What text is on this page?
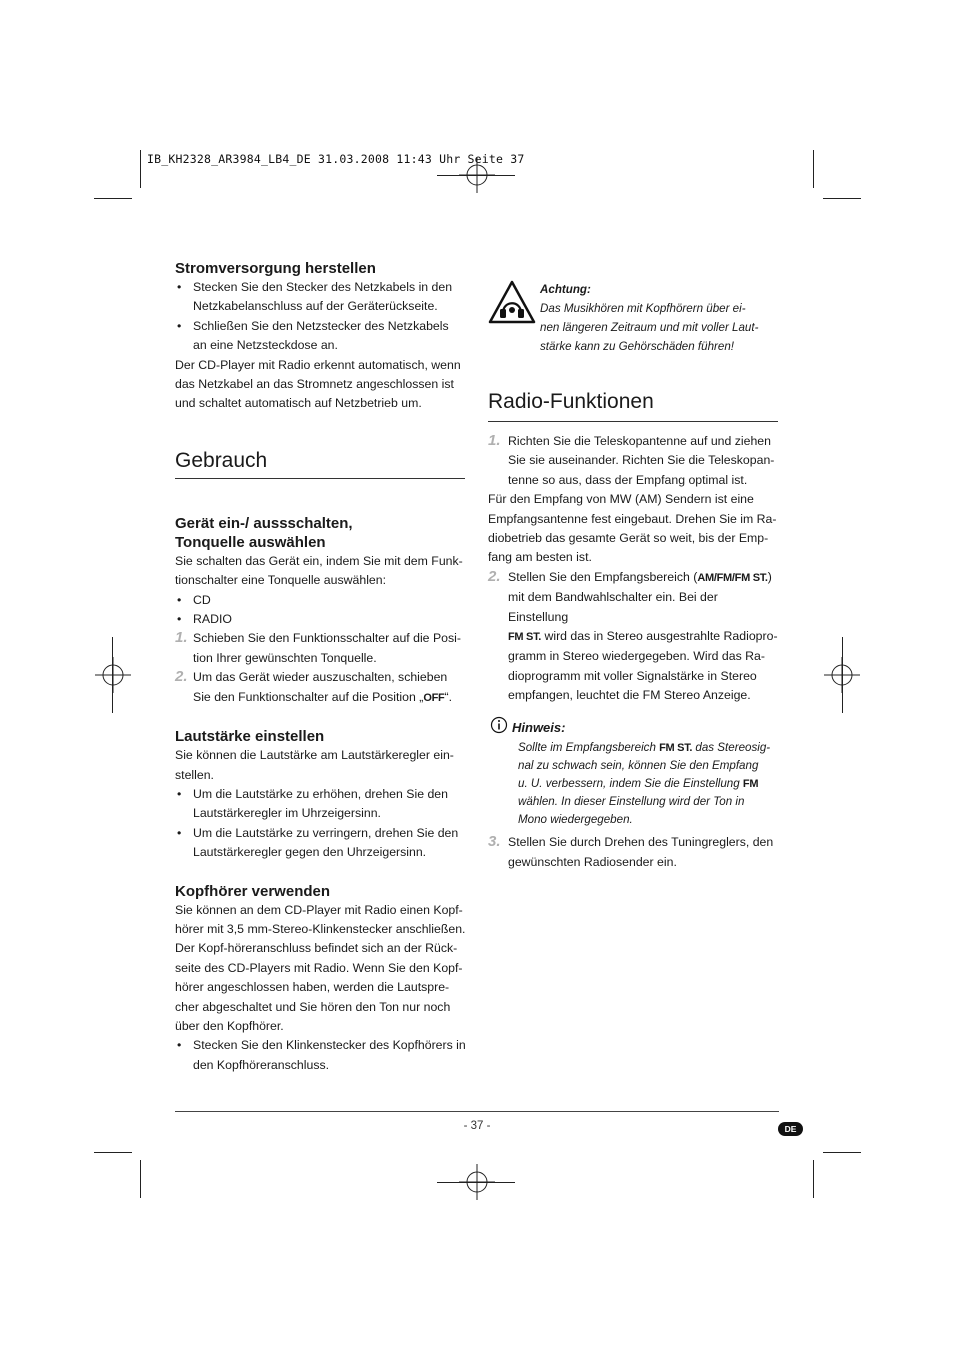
IB_KH2328_AR3984_LB4_DE 31.03.2008 11:43 Uhr Seite 37

Stromversorgung herstellen

• Stecken Sie den Stecker des Netzkabels in den
Netzkabelanschluss auf der Geräterückseite.
• Schließen Sie den Netzstecker des Netzkabels
an eine Netzsteckdose an.

Der CD-Player mit Radio erkennt automatisch, wenn
das Netzkabel an das Stromnetz angeschlossen ist
und schaltet automatisch auf Netzbetrieb um.

Gebrauch

Gerät ein-/ aussschalten,
Tonquelle auswählen

Sie schalten das Gerät ein, indem Sie mit dem Funk-
tionschalter eine Tonquelle auswählen:

• CD
• RADIO
1. Schieben Sie den Funktionsschalter auf die Posi-
tion Ihrer gewünschten Tonquelle.
2. Um das Gerät wieder auszuschalten, schieben
Sie den Funktionschalter auf die Position „OFF“.

Lautstärke einstellen

Sie können die Lautstärke am Lautstärkeregler ein-
stellen.

• Um die Lautstärke zu erhöhen, drehen Sie den
Lautstärkeregler im Uhrzeigersinn.
• Um die Lautstärke zu verringern, drehen Sie den
Lautstärkeregler gegen den Uhrzeigersinn.

Kopfhörer verwenden

Sie können an dem CD-Player mit Radio einen Kopf-
hörer mit 3,5 mm-Stereo-Klinkenstecker anschließen.
Der Kopf-höreranschluss befindet sich an der Rück-
seite des CD-Players mit Radio. Wenn Sie den Kopf-
hörer angeschlossen haben, werden die Lautspre-
cher abgeschaltet und Sie hören den Ton nur noch
über den Kopfhörer.

• Stecken Sie den Klinkenstecker des Kopfhörers in
den Kopfhöreranschluss.

Achtung:

Das Musikhören mit Kopfhörern über ei-
nen längeren Zeitraum und mit voller Laut-
stärke kann zu Gehörschäden führen!

Radio-Funktionen

1. Richten Sie die Teleskopantenne auf und ziehen
Sie sie auseinander. Richten Sie die Teleskopan-
tenne so aus, dass der Empfang optimal ist.

Für den Empfang von MW (AM) Sendern ist eine
Empfangsantenne fest eingebaut. Drehen Sie im Ra-
diobetrieb das gesamte Gerät so weit, bis der Emp-
fang am besten ist.

2. Stellen Sie den Empfangsbereich (AM/FM/FM ST.)
mit dem Bandwahlschalter ein. Bei der Einstellung
FM ST. wird das in Stereo ausgestrahlte Radiopro-
gramm in Stereo wiedergegeben. Wird das Ra-
dioprogramm mit voller Signalstärke in Stereo
empfangen, leuchtet die FM Stereo Anzeige.

Hinweis:

Sollte im Empfangsbereich FM ST. das Stereosig-
nal zu schwach sein, können Sie den Empfang
u. U. verbessern, indem Sie die Einstellung FM
wählen. In dieser Einstellung wird der Ton in
Mono wiedergegeben.

3. Stellen Sie durch Drehen des Tuningreglers, den
gewünschten Radiosender ein.
- 37 -	DE
